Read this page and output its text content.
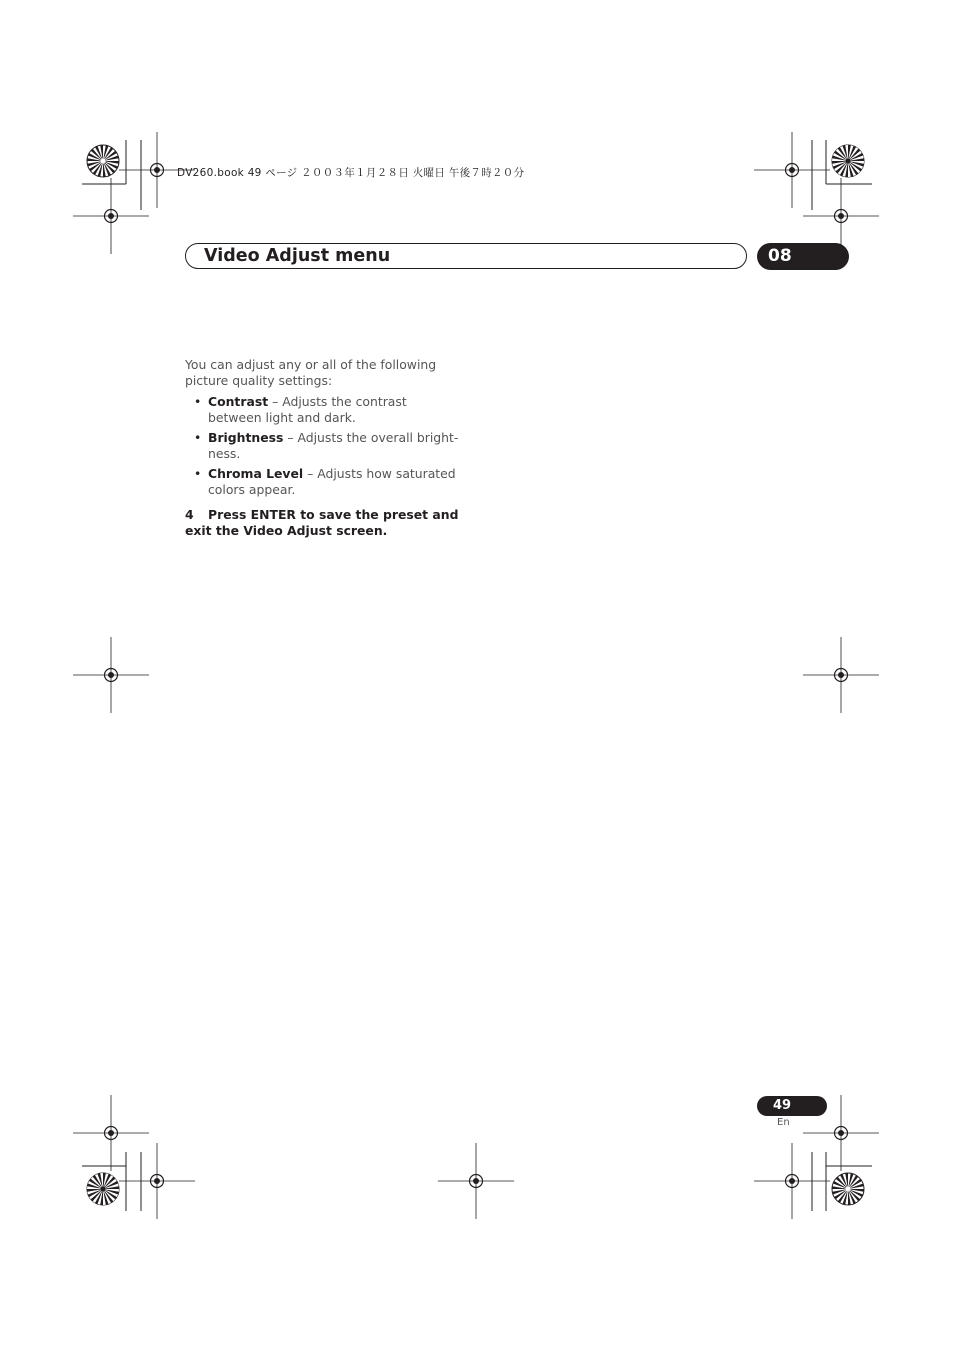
DV260.book 49 ページ ２００３年１月２８日 火曜日 午後７時２０分
Video Adjust menu	08

You can adjust any or all of the following picture quality settings:

• Contrast – Adjusts the contrast between light and dark.
• Brightness – Adjusts the overall bright-ness.
• Chroma Level – Adjusts how saturated colors appear.
4 Press ENTER to save the preset and exit the Video Adjust screen.
49
En
